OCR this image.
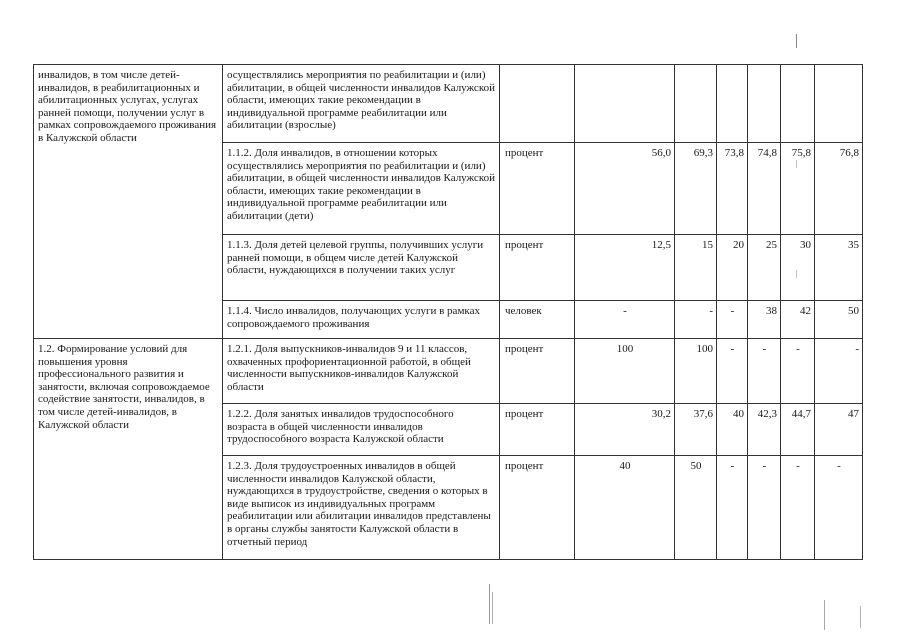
инвалидов, в том числе детей-инвалидов, в реабилитационных и абилитационных услугах, услугах ранней помощи, получении услуг в рамках сопровождаемого проживания в Калужской области	осуществлялись мероприятия по реабилитации и (или) абилитации, в общей численности инвалидов Калужской области, имеющих такие рекомендации в индивидуальной программе реабилитации или абилитации (взрослые)							
	1.1.2. Доля инвалидов, в отношении которых осуществлялись мероприятия по реабилитации и (или) абилитации, в общей численности инвалидов Калужской области, имеющих такие рекомендации в индивидуальной программе реабилитации или абилитации (дети)	процент	56,0	69,3	73,8	74,8	75,8	76,8
	1.1.3. Доля детей целевой группы, получивших услуги ранней помощи, в общем числе детей Калужской области, нуждающихся в получении таких услуг	процент	12,5	15	20	25	30	35
	1.1.4. Число инвалидов, получающих услуги в рамках сопровождаемого проживания	человек	-	-	-	38	42	50
1.2. Формирование условий для повышения уровня профессионального развития и занятости, включая сопровождаемое содействие занятости, инвалидов, в том числе детей-инвалидов, в Калужской области	1.2.1. Доля выпускников-инвалидов 9 и 11 классов, охваченных профориентационной работой, в общей численности выпускников-инвалидов Калужской области	процент	100	100	-	-	-	-
	1.2.2. Доля занятых инвалидов трудоспособного возраста в общей численности инвалидов трудоспособного возраста Калужской области	процент	30,2	37,6	40	42,3	44,7	47
	1.2.3. Доля трудоустроенных инвалидов в общей численности инвалидов Калужской области, нуждающихся в трудоустройстве, сведения о которых в виде выписок из индивидуальных программ реабилитации или абилитации инвалидов представлены в органы службы занятости Калужской области в отчетный период	процент	40	50	-	-	-	-
